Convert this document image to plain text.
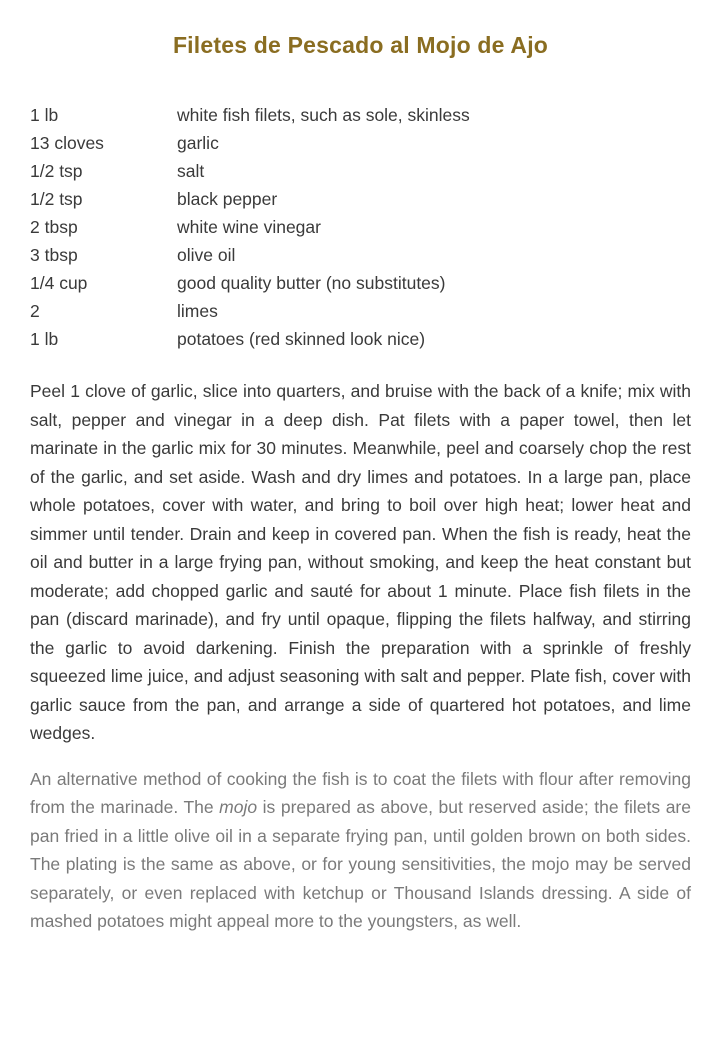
Filetes de Pescado al Mojo de Ajo
1 lb	white fish filets, such as sole, skinless
13 cloves	garlic
1/2 tsp	salt
1/2 tsp	black pepper
2 tbsp	white wine vinegar
3 tbsp	olive oil
1/4 cup	good quality butter (no substitutes)
2	limes
1 lb	potatoes (red skinned look nice)

Peel 1 clove of garlic, slice into quarters, and bruise with the back of a knife; mix with salt, pepper and vinegar in a deep dish. Pat filets with a paper towel, then let marinate in the garlic mix for 30 minutes. Meanwhile, peel and coarsely chop the rest of the garlic, and set aside. Wash and dry limes and potatoes. In a large pan, place whole potatoes, cover with water, and bring to boil over high heat; lower heat and simmer until tender. Drain and keep in covered pan. When the fish is ready, heat the oil and butter in a large frying pan, without smoking, and keep the heat constant but moderate; add chopped garlic and sauté for about 1 minute. Place fish filets in the pan (discard marinade), and fry until opaque, flipping the filets halfway, and stirring the garlic to avoid darkening. Finish the preparation with a sprinkle of freshly squeezed lime juice, and adjust seasoning with salt and pepper. Plate fish, cover with garlic sauce from the pan, and arrange a side of quartered hot potatoes, and lime wedges.

An alternative method of cooking the fish is to coat the filets with flour after removing from the marinade. The mojo is prepared as above, but reserved aside; the filets are pan fried in a little olive oil in a separate frying pan, until golden brown on both sides. The plating is the same as above, or for young sensitivities, the mojo may be served separately, or even replaced with ketchup or Thousand Islands dressing. A side of mashed potatoes might appeal more to the youngsters, as well.
